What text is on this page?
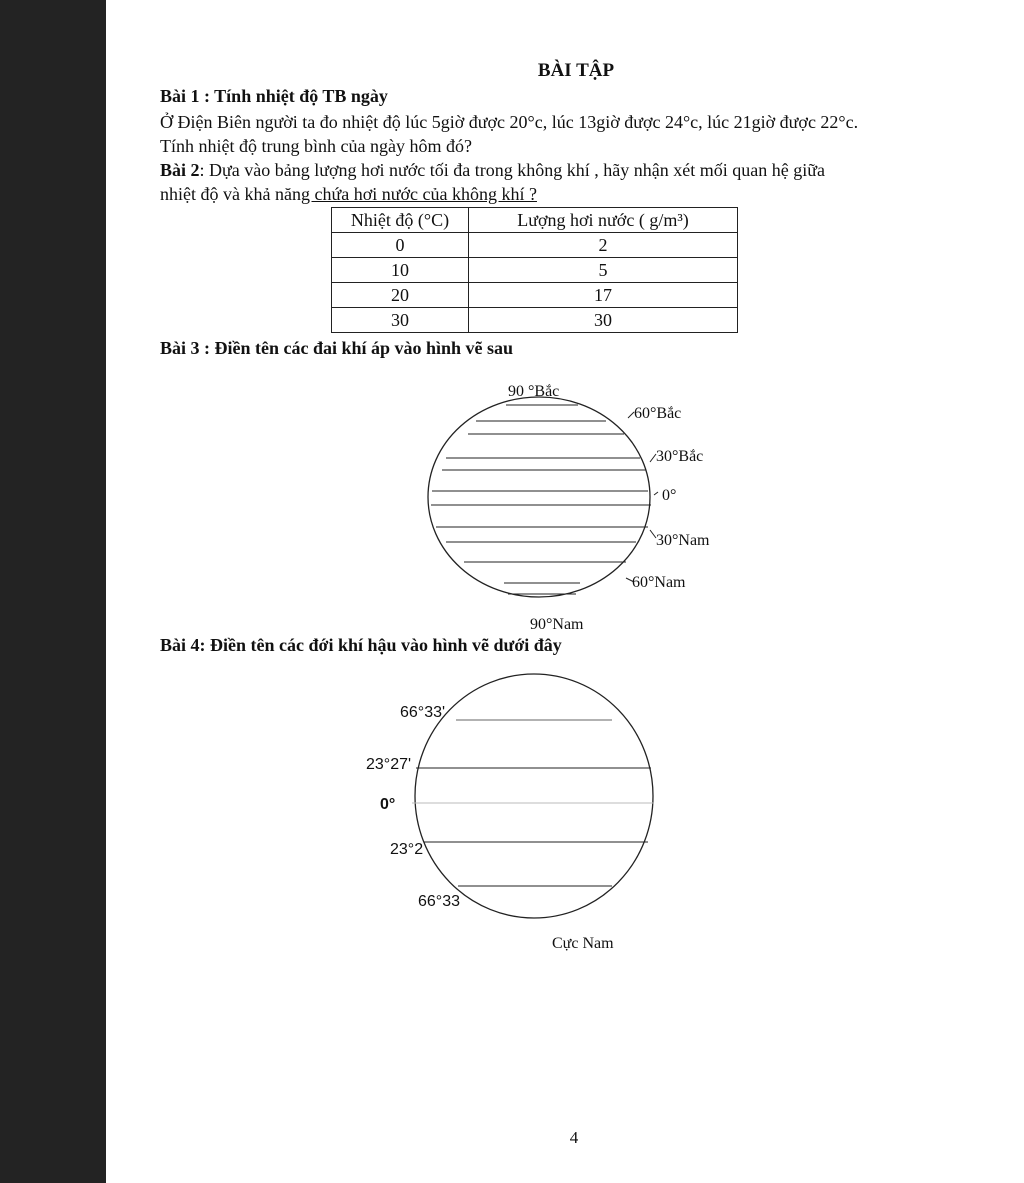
BÀI TẬP
Bài 1 : Tính nhiệt độ TB ngày
Ở Điện Biên người ta đo nhiệt độ lúc 5giờ được 20°c, lúc 13giờ được 24°c, lúc 21giờ được 22°c.
Tính nhiệt độ trung bình của ngày hôm đó?
Bài 2: Dựa vào bảng lượng hơi nước tối đa trong không khí , hãy nhận xét mối quan hệ giữa
nhiệt độ và khả năng chứa hơi nước của không khí ?
Nhiệt độ (°C)	Lượng hơi nước ( g/m³)
0	2
10	5
20	17
30	30
Bài 3 : Điền tên các đai khí áp vào hình vẽ sau
90 °Bắc
60°Bắc
30°Bắc
0°
30°Nam
60°Nam
90°Nam
66°33'
23°27'
0°
23°2
66°33
Cực Nam
Bài 4: Điền tên các đới khí hậu vào hình vẽ dưới đây
4
